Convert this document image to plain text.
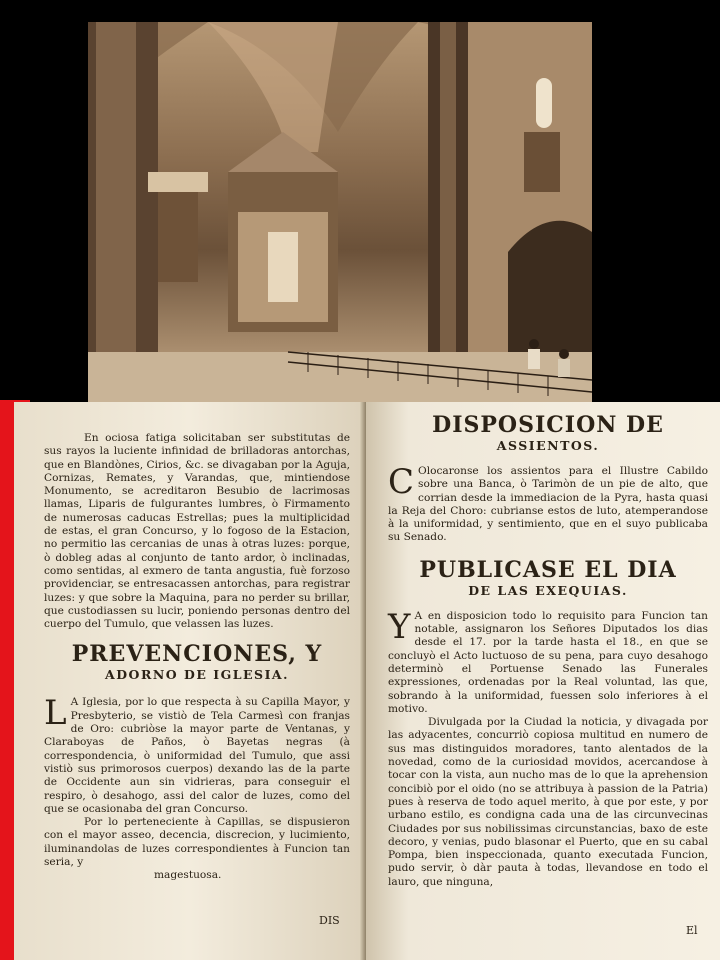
En ociosa fatiga solicitaban ser substitutas de sus rayos la luciente infinidad de brilladoras antorchas, que en Blandònes, Cirios, &c. se divagaban por la Aguja, Cornizas, Remates, y Varandas, que, mintiendose Monumento, se acreditaron Besubio de lacrimosas llamas, Liparis de fulgurantes lumbres, ò Firmamento de numerosas caducas Estrellas; pues la multiplicidad de estas, el gran Concurso, y lo fogoso de la Estacion, no permitio las cercanias de unas à otras luzes: porque, ò dobleg adas al conjunto de tanto ardor, ò inclinadas, como sentidas, al exmero de tanta angustia, fuè forzoso providenciar, se entresacassen antorchas, para registrar luzes: y que sobre la Maquina, para no perder su brillar, que custodiassen su lucir, poniendo personas dentro del cuerpo del Tumulo, que velassen las luzes.

PREVENCIONES, Y
ADORNO DE IGLESIA.

L A Iglesia, por lo que respecta à su Capilla Mayor, y Presbyterio, se vistiò de Tela Carmesì con franjas de Oro: cubriòse la mayor parte de Ventanas, y Claraboyas de Paños, ò Bayetas negras (à correspondencia, ò uniformidad del Tumulo, que assi vistiò sus primorosos cuerpos) dexando las de la parte de Occidente aun sin vidrieras, para conseguir el respiro, ò desahogo, assi del calor de luzes, como del que se ocasionaba del gran Concurso.

Por lo perteneciente à Capillas, se dispusieron con el mayor asseo, decencia, discrecion, y lucimiento, iluminandolas de luzes correspondientes à Funcion tan seria, y

magestuosa.

DIS
DISPOSICION DE
ASSIENTOS.

C Olocaronse los assientos para el Illustre Cabildo sobre una Banca, ò Tarimòn de un pie de alto, que corrian desde la immediacion de la Pyra, hasta quasi la Reja del Choro: cubrianse estos de luto, atemperandose à la uniformidad, y sentimiento, que en el suyo publicaba su Senado.

PUBLICASE EL DIA
DE LAS EXEQUIAS.

Y A en disposicion todo lo requisito para Funcion tan notable, assignaron los Señores Diputados los dias desde el 17. por la tarde hasta el 18., en que se concluyò el Acto luctuoso de su pena, para cuyo desahogo determinò el Portuense Senado las Funerales expressiones, ordenadas por la Real voluntad, las que, sobrando à la uniformidad, fuessen solo inferiores à el motivo.

Divulgada por la Ciudad la noticia, y divagada por las adyacentes, concurriò copiosa multitud en numero de sus mas distinguidos moradores, tanto alentados de la novedad, como de la curiosidad movidos, acercandose à tocar con la vista, aun nucho mas de lo que la aprehension concibiò por el oido (no se attribuya à passion de la Patria) pues à reserva de todo aquel merito, à que por este, y por urbano estilo, es condigna cada una de las circunvecinas Ciudades por sus nobilissimas circunstancias, baxo de este decoro, y venias, pudo blasonar el Puerto, que en su cabal Pompa, bien inspeccionada, quanto executada Funcion, pudo servir, ò dàr pauta à todas, llevandose en todo el lauro, que ninguna,

El
